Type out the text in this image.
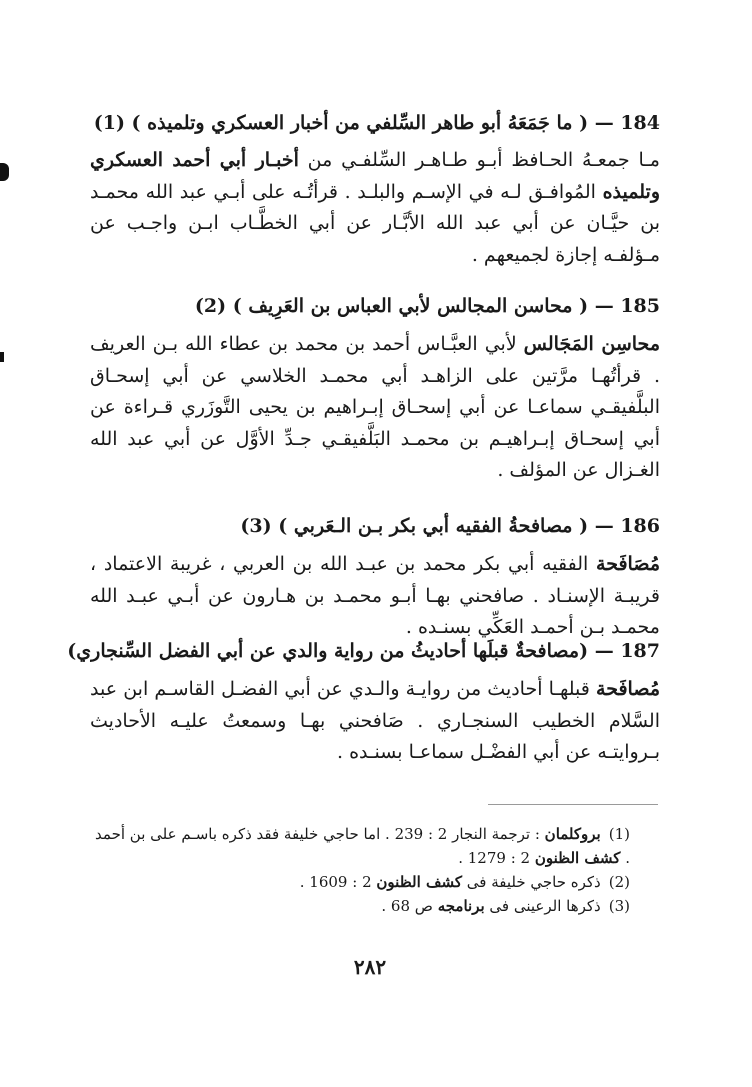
184 — ( ما جَمَعَهُ أبو طاهر السِّلفي من أخبار العسكري وتلميذه ) (1)
مـا جمعـهُ الحـافظ أبـو طـاهـر السِّلفـي من أخبـار أبي أحمد العسكري وتلميذه المُوافـق لـه في الإسـم والبلـد . قرأتُـه على أبـي عبد الله محمـد بن حيَّـان عن أبي عبد الله الأبَّـار عن أبي الخطَّـاب ابـن واجـب عن مـؤلفـه إجازة لجميعهم .
185 — ( محاسن المجالس لأبي العباس بن العَرِيف ) (2)
محاسِن المَجَالس لأبي العبَّـاس أحمد بن محمد بن عطاء الله بـن العريف . قرأتُهـا مرَّتين على الزاهـد أبي محمـد الخلاسي عن أبي إسحـاق البلَّفيقـي سماعـا عن أبي إسحـاق إبـراهيم بن يحيى التَّوزَري قـراءة عن أبي إسحـاق إبـراهيـم بن محمـد البَلَّفيقـي جـدِّ الأوَّل عن أبي عبد الله الغـزال عن المؤلف .
186 — ( مصافحةُ الفقيه أبي بكر بـن الـعَربي ) (3)
مُصَافَحة الفقيه أبي بكر محمد بن عبـد الله بن العربي ، غريبة الاعتماد ، قريبـة الإسنـاد . صافحني بهـا أبـو محمـد بن هـارون عن أبـي عبـد الله محمـد بـن أحمـد العَكِّي بسنـده .
187 — (مصافحةٌ قبلَها أحاديثُ من رواية والدي عن أبي الفضل السِّنجاري)
مُصافَحة قبلهـا أحاديث من روايـة والـدي عن أبي الفضـل القاسـم ابن عبد السَّلام الخطيب السنجـاري . صَافحني بهـا وسمعتُ عليـه الأحاديث بـروايتـه عن أبي الفضْـل سماعـا بسنـده .
(1)بروكلمان : ترجمة النجار 2 : 239 . اما حاجي خليفة فقد ذكره باسـم على بن أحمد . كشف الظنون 2 : 1279 .
(2)ذكره حاجي خليفة فى كشف الظنون 2 : 1609 .
(3)ذكرها الرعينى فى برنامجه ص 68 .
٢٨٢
